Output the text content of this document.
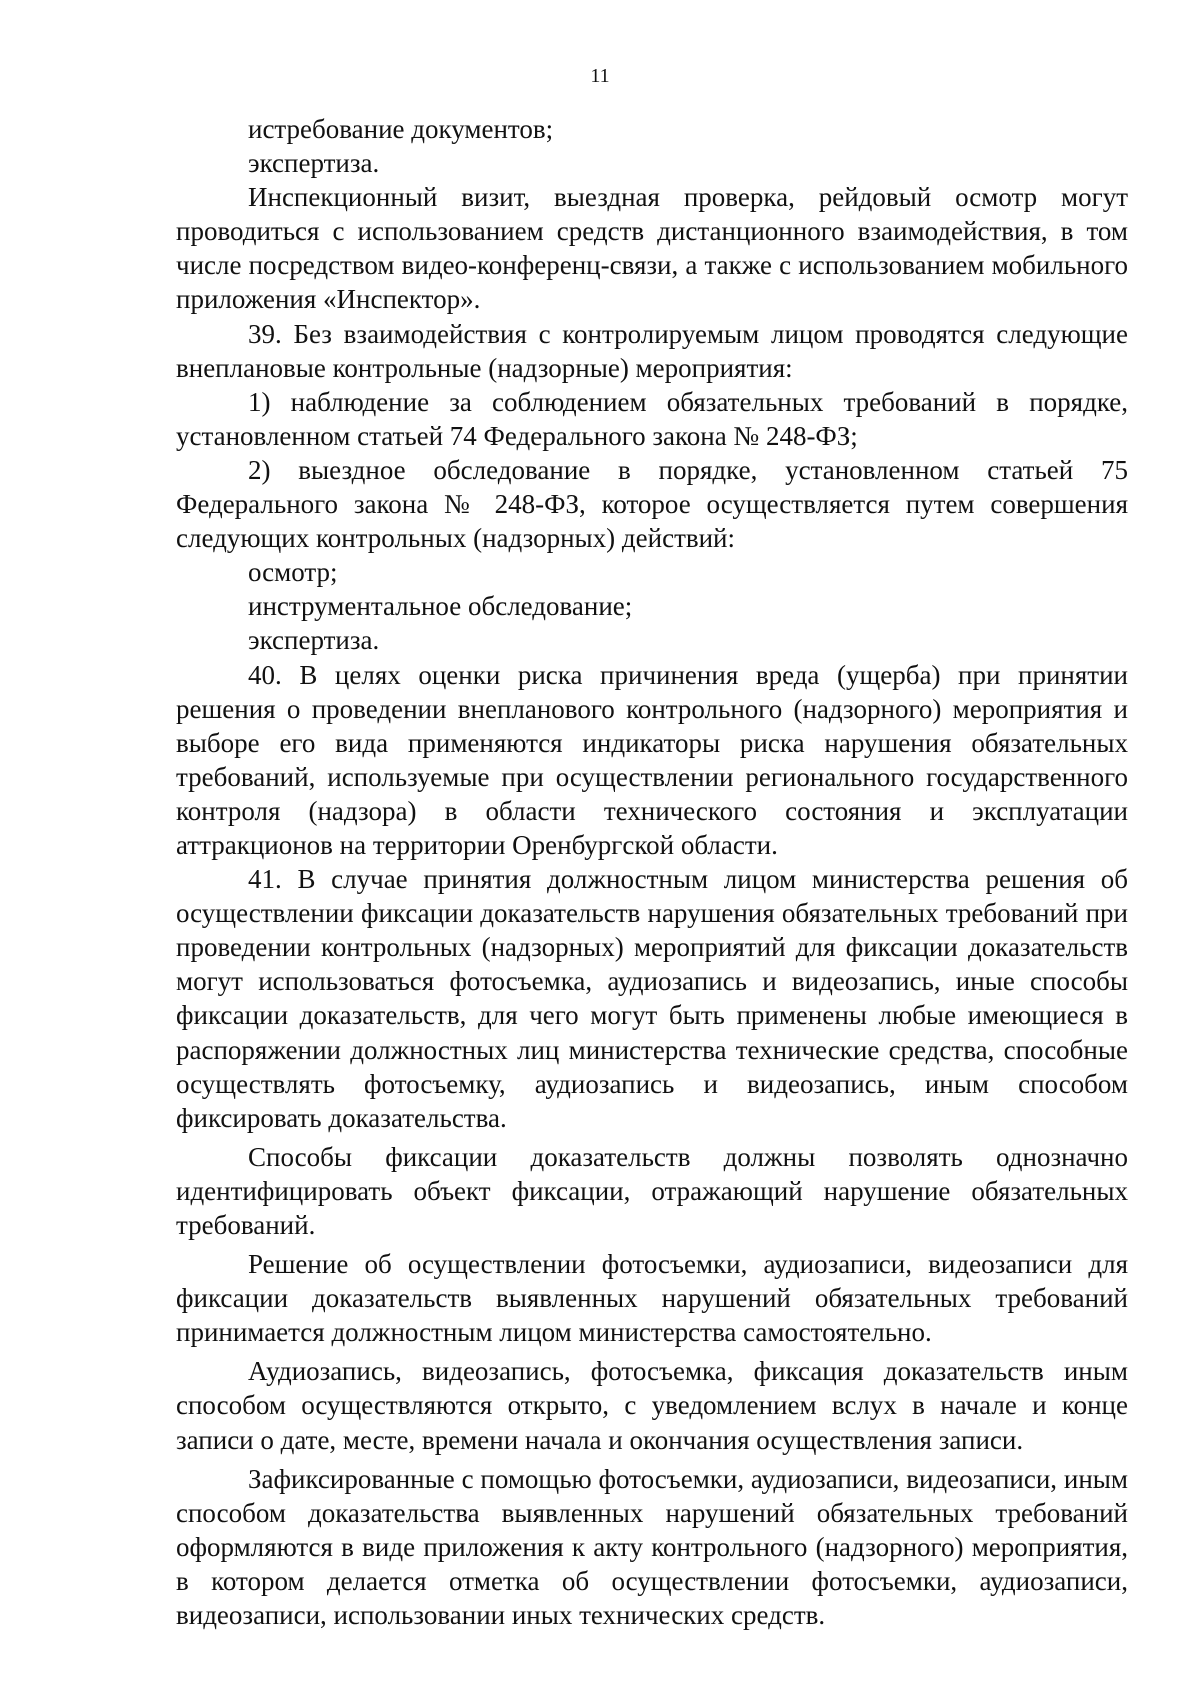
11

истребование документов;

экспертиза.

Инспекционный визит, выездная проверка, рейдовый осмотр могут проводиться с использованием средств дистанционного взаимодействия, в том числе посредством видео-конференц-связи, а также с использованием мобильного приложения «Инспектор».

39. Без взаимодействия с контролируемым лицом проводятся следующие внеплановые контрольные (надзорные) мероприятия:

1) наблюдение за соблюдением обязательных требований в порядке, установленном статьей 74 Федерального закона № 248-ФЗ;

2) выездное обследование в порядке, установленном статьей 75 Федерального закона № 248-ФЗ, которое осуществляется путем совершения следующих контрольных (надзорных) действий:

осмотр;

инструментальное обследование;

экспертиза.

40. В целях оценки риска причинения вреда (ущерба) при принятии решения о проведении внепланового контрольного (надзорного) мероприятия и выборе его вида применяются индикаторы риска нарушения обязательных требований, используемые при осуществлении регионального государственного контроля (надзора) в области технического состояния и эксплуатации аттракционов на территории Оренбургской области.

41. В случае принятия должностным лицом министерства решения об осуществлении фиксации доказательств нарушения обязательных требований при проведении контрольных (надзорных) мероприятий для фиксации доказательств могут использоваться фотосъемка, аудиозапись и видеозапись, иные способы фиксации доказательств, для чего могут быть применены любые имеющиеся в распоряжении должностных лиц министерства технические средства, способные осуществлять фотосъемку, аудиозапись и видеозапись, иным способом фиксировать доказательства.

Способы фиксации доказательств должны позволять однозначно идентифицировать объект фиксации, отражающий нарушение обязательных требований.

Решение об осуществлении фотосъемки, аудиозаписи, видеозаписи для фиксации доказательств выявленных нарушений обязательных требований принимается должностным лицом министерства самостоятельно.

Аудиозапись, видеозапись, фотосъемка, фиксация доказательств иным способом осуществляются открыто, с уведомлением вслух в начале и конце записи о дате, месте, времени начала и окончания осуществления записи.

Зафиксированные с помощью фотосъемки, аудиозаписи, видеозаписи, иным способом доказательства выявленных нарушений обязательных требований оформляются в виде приложения к акту контрольного (надзорного) мероприятия, в котором делается отметка об осуществлении фотосъемки, аудиозаписи, видеозаписи, использовании иных технических средств.
